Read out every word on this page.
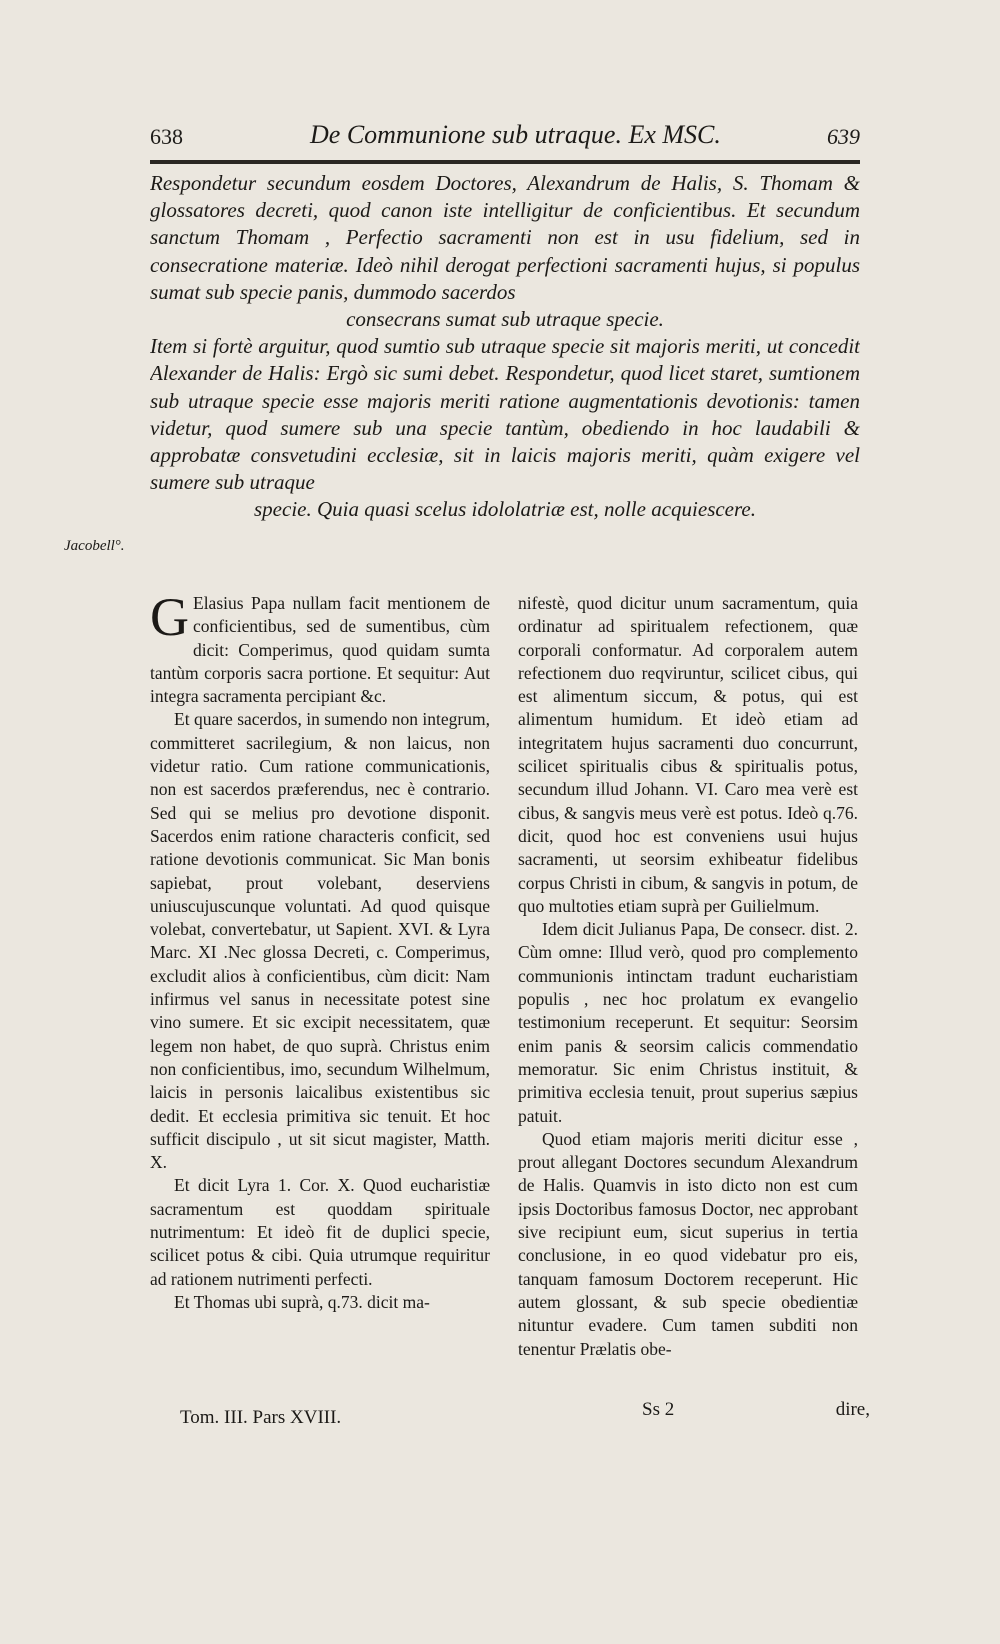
638	De Communione sub utraque. Ex MSC.	639

Respondetur secundum eosdem Doctores, Alexandrum de Halis, S. Thomam & glossatores decreti, quod canon iste intelligitur de conficientibus. Et secundum sanctum Thomam , Perfectio sacramenti non est in usu fidelium, sed in consecratione materiæ. Ideò nihil derogat perfectioni sacramenti hujus, si populus sumat sub specie panis, dummodo sacerdos

consecrans sumat sub utraque specie.

Item si fortè arguitur, quod sumtio sub utraque specie sit majoris meriti, ut concedit Alexander de Halis: Ergò sic sumi debet. Respondetur, quod licet staret, sumtionem sub utraque specie esse majoris meriti ratione augmentationis devotionis: tamen videtur, quod sumere sub una specie tantùm, obediendo in hoc laudabili & approbatæ consvetudini ecclesiæ, sit in laicis majoris meriti, quàm exigere vel sumere sub utraque

specie. Quia quasi scelus idololatriæ est, nolle acquiescere.

G Elasius Papa nullam facit mentionem de conficientibus, sed de sumentibus, cùm dicit: Comperimus, quod quidam sumta tantùm corporis sacra portione. Et sequitur: Aut integra sacramenta percipiant &c.

Et quare sacerdos, in sumendo non integrum, committeret sacrilegium, & non laicus, non videtur ratio. Cum ratione communicationis, non est sacerdos præferendus, nec è contrario. Sed qui se melius pro devotione disponit. Sacerdos enim ratione characteris conficit, sed ratione devotionis communicat. Sic Man bonis sapiebat, prout volebant, deserviens uniuscujuscunque voluntati. Ad quod quisque volebat, convertebatur, ut Sapient. XVI. & Lyra Marc. XI .Nec glossa Decreti, c. Comperimus, excludit alios à conficientibus, cùm dicit: Nam infirmus vel sanus in necessitate potest sine vino sumere. Et sic excipit necessitatem, quæ legem non habet, de quo suprà. Christus enim non conficientibus, imo, secundum Wilhelmum, laicis in personis laicalibus existentibus sic dedit. Et ecclesia primitiva sic tenuit. Et hoc sufficit discipulo , ut sit sicut magister, Matth. X.

Et dicit Lyra 1. Cor. X. Quod eucharistiæ sacramentum est quoddam spirituale nutrimentum: Et ideò fit de duplici specie, scilicet potus & cibi. Quia utrumque requiritur ad rationem nutrimenti perfecti.

Et Thomas ubi suprà, q.73. dicit ma-

nifestè, quod dicitur unum sacramentum, quia ordinatur ad spiritualem refectionem, quæ corporali conformatur. Ad corporalem autem refectionem duo reqviruntur, scilicet cibus, qui est alimentum siccum, & potus, qui est alimentum humidum. Et ideò etiam ad integritatem hujus sacramenti duo concurrunt, scilicet spiritualis cibus & spiritualis potus, secundum illud Johann. VI. Caro mea verè est cibus, & sangvis meus verè est potus. Ideò q.76. dicit, quod hoc est conveniens usui hujus sacramenti, ut seorsim exhibeatur fidelibus corpus Christi in cibum, & sangvis in potum, de quo multoties etiam suprà per Guilielmum.

Idem dicit Julianus Papa, De consecr. dist. 2. Cùm omne: Illud verò, quod pro complemento communionis intinctam tradunt eucharistiam populis , nec hoc prolatum ex evangelio testimonium receperunt. Et sequitur: Seorsim enim panis & seorsim calicis commendatio memoratur. Sic enim Christus instituit, & primitiva ecclesia tenuit, prout superius sæpius patuit.

Quod etiam majoris meriti dicitur esse , prout allegant Doctores secundum Alexandrum de Halis. Quamvis in isto dicto non est cum ipsis Doctoribus famosus Doctor, nec approbant sive recipiunt eum, sicut superius in tertia conclusione, in eo quod videbatur pro eis, tanquam famosum Doctorem receperunt. Hic autem glossant, & sub specie obedientiæ nituntur evadere. Cum tamen subditi non tenentur Prælatis obe-

Jacobell°.
Tom. III. Pars XVIII.	Ss 2	dire,
